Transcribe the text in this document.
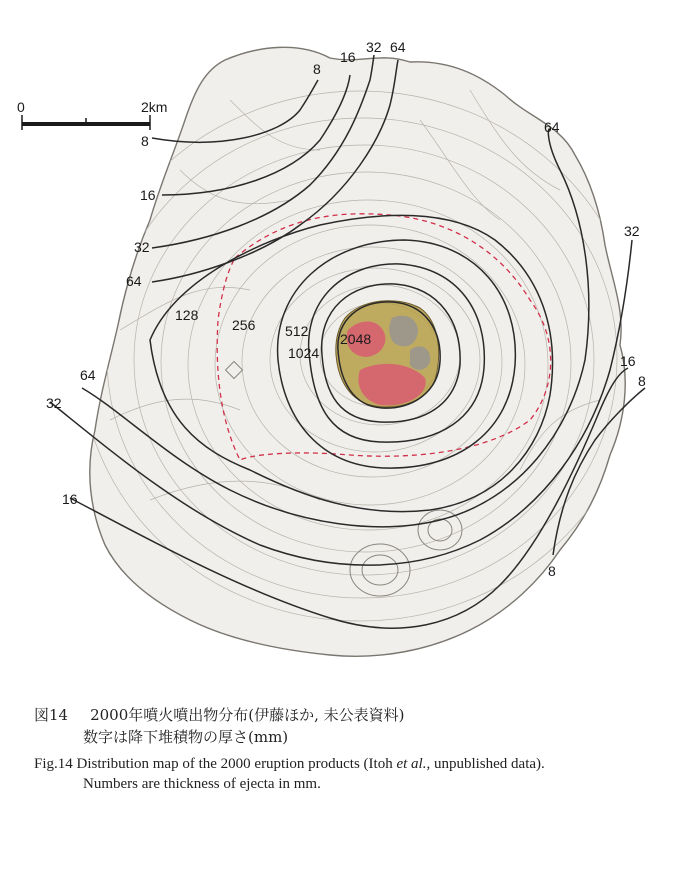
0	2km
8
16
32 64
8
16
32
64
128
256 512
1024
2048
64
32
16
8
64
32
16
8
図14 2000年噴火噴出物分布(伊藤ほか, 未公表資料)
数字は降下堆積物の厚さ(mm)
Fig.14 Distribution map of the 2000 eruption products (Itoh et al., unpublished data).
Numbers are thickness of ejecta in mm.
